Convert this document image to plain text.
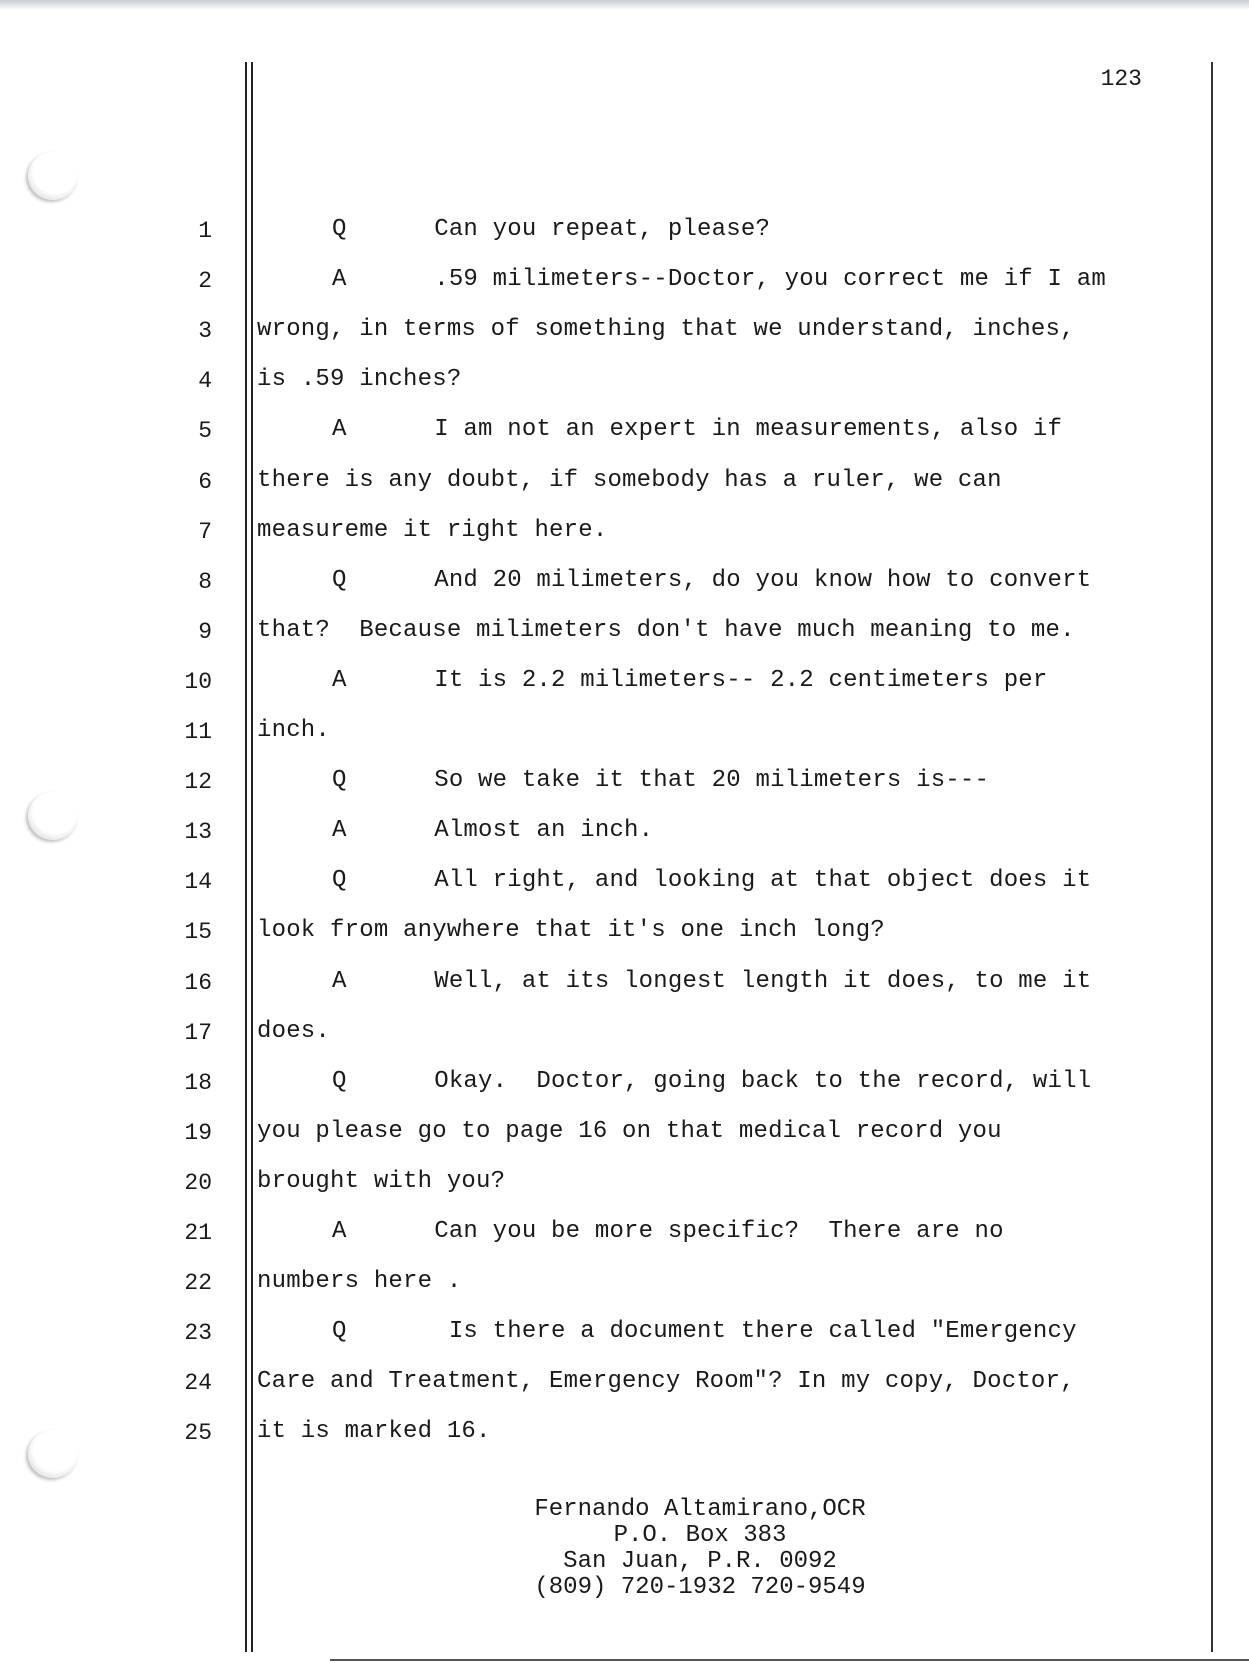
123
1	Q      Can you repeat, please?
2	A      .59 milimeters--Doctor, you correct me if I am
3 wrong, in terms of something that we understand, inches,
4 is .59 inches?
5	A      I am not an expert in measurements, also if
6 there is any doubt, if somebody has a ruler, we can
7 measureme it right here.
8	Q      And 20 milimeters, do you know how to convert
9 that?  Because milimeters don't have much meaning to me.
10	A      It is 2.2 milimeters-- 2.2 centimeters per
11 inch.
12	Q      So we take it that 20 milimeters is---
13	A      Almost an inch.
14	Q      All right, and looking at that object does it
15 look from anywhere that it's one inch long?
16	A      Well, at its longest length it does, to me it
17 does.
18	Q      Okay.  Doctor, going back to the record, will
19 you please go to page 16 on that medical record you
20 brought with you?
21	A      Can you be more specific?  There are no
22 numbers here .
23	Q       Is there a document there called "Emergency
24 Care and Treatment, Emergency Room"? In my copy, Doctor,
25 it is marked 16.
Fernando Altamirano,OCR
P.O. Box 383
San Juan, P.R. 0092
(809) 720-1932 720-9549
